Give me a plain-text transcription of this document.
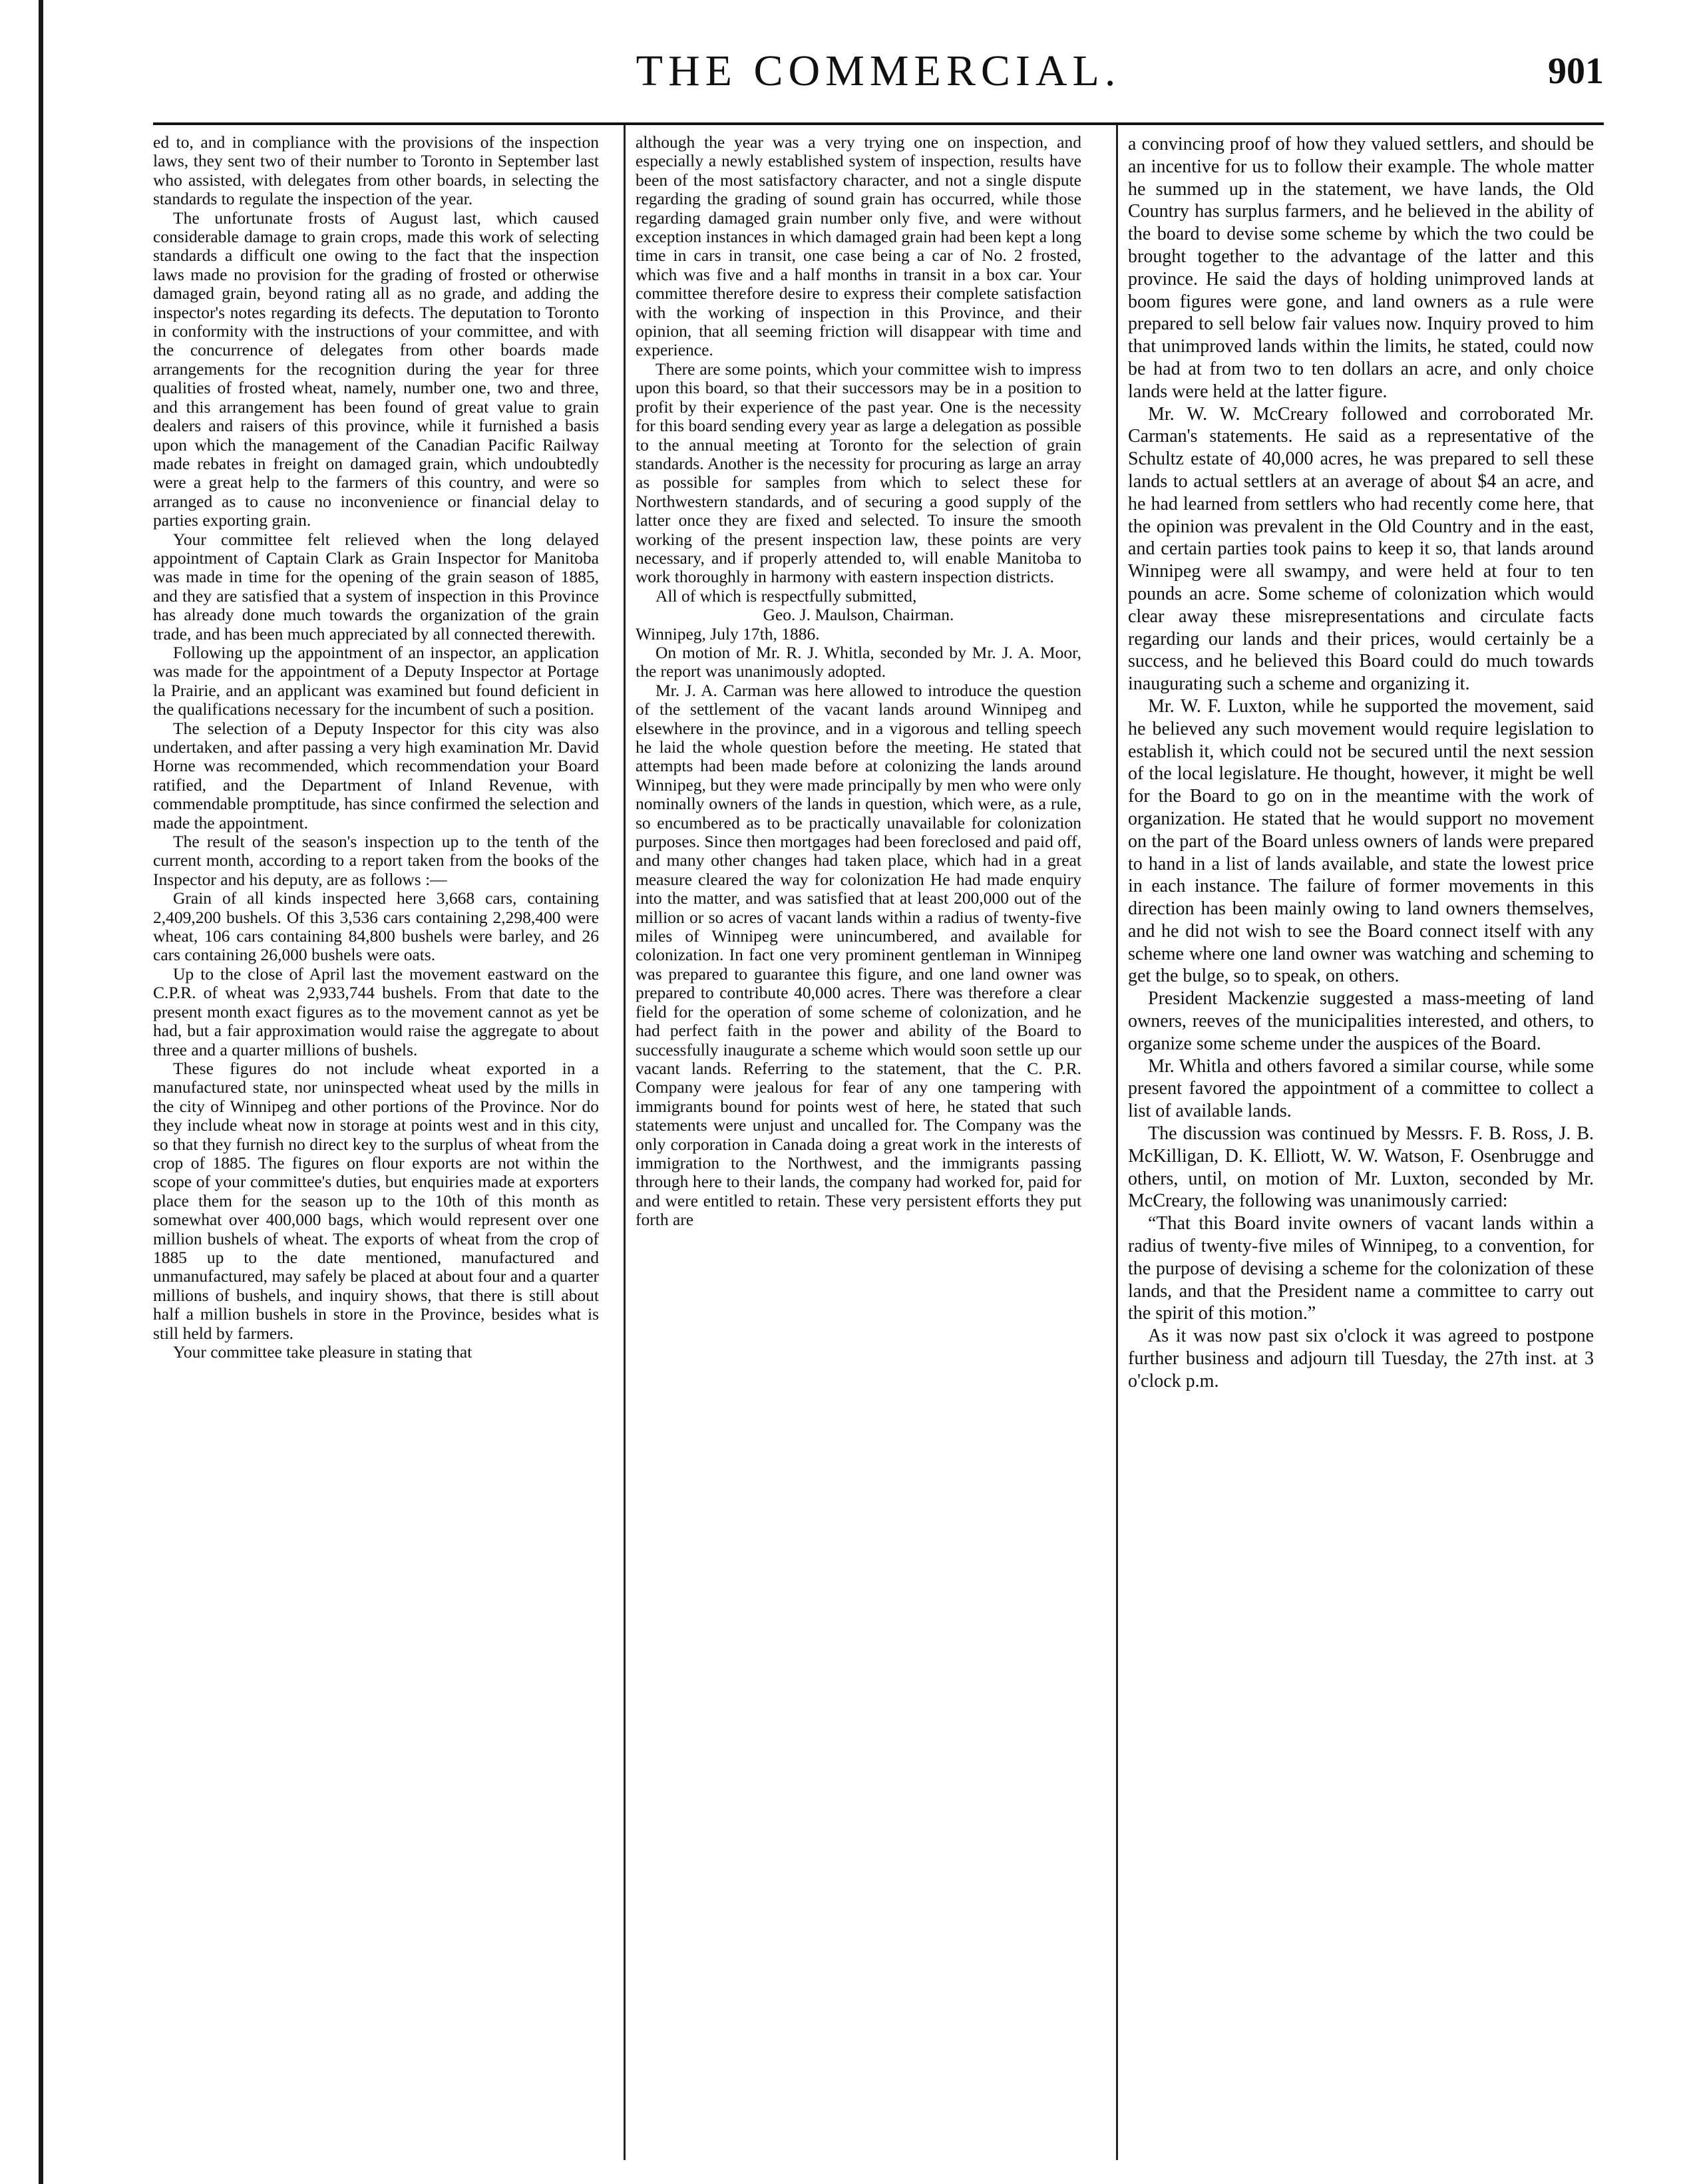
THE COMMERCIAL.	901

ed to, and in compliance with the provisions of the inspection laws, they sent two of their number to Toronto in September last who assisted, with delegates from other boards, in selecting the standards to regulate the inspection of the year.

The unfortunate frosts of August last, which caused considerable damage to grain crops, made this work of selecting standards a difficult one owing to the fact that the inspection laws made no provision for the grading of frosted or otherwise damaged grain, beyond rating all as no grade, and adding the inspector's notes regarding its defects. The deputation to Toronto in conformity with the instructions of your committee, and with the concurrence of delegates from other boards made arrangements for the recognition during the year for three qualities of frosted wheat, namely, number one, two and three, and this arrangement has been found of great value to grain dealers and raisers of this province, while it furnished a basis upon which the management of the Canadian Pacific Railway made rebates in freight on damaged grain, which undoubtedly were a great help to the farmers of this country, and were so arranged as to cause no inconvenience or financial delay to parties exporting grain.

Your committee felt relieved when the long delayed appointment of Captain Clark as Grain Inspector for Manitoba was made in time for the opening of the grain season of 1885, and they are satisfied that a system of inspection in this Province has already done much towards the organization of the grain trade, and has been much appreciated by all connected therewith.

Following up the appointment of an inspector, an application was made for the appointment of a Deputy Inspector at Portage la Prairie, and an applicant was examined but found deficient in the qualifications necessary for the incumbent of such a position.

The selection of a Deputy Inspector for this city was also undertaken, and after passing a very high examination Mr. David Horne was recommended, which recommendation your Board ratified, and the Department of Inland Revenue, with commendable promptitude, has since confirmed the selection and made the appointment.

The result of the season's inspection up to the tenth of the current month, according to a report taken from the books of the Inspector and his deputy, are as follows :—

Grain of all kinds inspected here 3,668 cars, containing 2,409,200 bushels. Of this 3,536 cars containing 2,298,400 were wheat, 106 cars containing 84,800 bushels were barley, and 26 cars containing 26,000 bushels were oats.

Up to the close of April last the movement eastward on the C.P.R. of wheat was 2,933,744 bushels. From that date to the present month exact figures as to the movement cannot as yet be had, but a fair approximation would raise the aggregate to about three and a quarter millions of bushels.

These figures do not include wheat exported in a manufactured state, nor uninspected wheat used by the mills in the city of Winnipeg and other portions of the Province. Nor do they include wheat now in storage at points west and in this city, so that they furnish no direct key to the surplus of wheat from the crop of 1885. The figures on flour exports are not within the scope of your committee's duties, but enquiries made at exporters place them for the season up to the 10th of this month as somewhat over 400,000 bags, which would represent over one million bushels of wheat. The exports of wheat from the crop of 1885 up to the date mentioned, manufactured and unmanufactured, may safely be placed at about four and a quarter millions of bushels, and inquiry shows, that there is still about half a million bushels in store in the Province, besides what is still held by farmers.

Your committee take pleasure in stating that

although the year was a very trying one on inspection, and especially a newly established system of inspection, results have been of the most satisfactory character, and not a single dispute regarding the grading of sound grain has occurred, while those regarding damaged grain number only five, and were without exception instances in which damaged grain had been kept a long time in cars in transit, one case being a car of No. 2 frosted, which was five and a half months in transit in a box car. Your committee therefore desire to express their complete satisfaction with the working of inspection in this Province, and their opinion, that all seeming friction will disappear with time and experience.

There are some points, which your committee wish to impress upon this board, so that their successors may be in a position to profit by their experience of the past year. One is the necessity for this board sending every year as large a delegation as possible to the annual meeting at Toronto for the selection of grain standards. Another is the necessity for procuring as large an array as possible for samples from which to select these for Northwestern standards, and of securing a good supply of the latter once they are fixed and selected. To insure the smooth working of the present inspection law, these points are very necessary, and if properly attended to, will enable Manitoba to work thoroughly in harmony with eastern inspection districts.

All of which is respectfully submitted,

Geo. J. Maulson, Chairman.

Winnipeg, July 17th, 1886.

On motion of Mr. R. J. Whitla, seconded by Mr. J. A. Moor, the report was unanimously adopted.

Mr. J. A. Carman was here allowed to introduce the question of the settlement of the vacant lands around Winnipeg and elsewhere in the province, and in a vigorous and telling speech he laid the whole question before the meeting. He stated that attempts had been made before at colonizing the lands around Winnipeg, but they were made principally by men who were only nominally owners of the lands in question, which were, as a rule, so encumbered as to be practically unavailable for colonization purposes. Since then mortgages had been foreclosed and paid off, and many other changes had taken place, which had in a great measure cleared the way for colonization He had made enquiry into the matter, and was satisfied that at least 200,000 out of the million or so acres of vacant lands within a radius of twenty-five miles of Winnipeg were unincumbered, and available for colonization. In fact one very prominent gentleman in Winnipeg was prepared to guarantee this figure, and one land owner was prepared to contribute 40,000 acres. There was therefore a clear field for the operation of some scheme of colonization, and he had perfect faith in the power and ability of the Board to successfully inaugurate a scheme which would soon settle up our vacant lands. Referring to the statement, that the C. P.R. Company were jealous for fear of any one tampering with immigrants bound for points west of here, he stated that such statements were unjust and uncalled for. The Company was the only corporation in Canada doing a great work in the interests of immigration to the Northwest, and the immigrants passing through here to their lands, the company had worked for, paid for and were entitled to retain. These very persistent efforts they put forth are

a convincing proof of how they valued settlers, and should be an incentive for us to follow their example. The whole matter he summed up in the statement, we have lands, the Old Country has surplus farmers, and he believed in the ability of the board to devise some scheme by which the two could be brought together to the advantage of the latter and this province. He said the days of holding unimproved lands at boom figures were gone, and land owners as a rule were prepared to sell below fair values now. Inquiry proved to him that unimproved lands within the limits, he stated, could now be had at from two to ten dollars an acre, and only choice lands were held at the latter figure.

Mr. W. W. McCreary followed and corroborated Mr. Carman's statements. He said as a representative of the Schultz estate of 40,000 acres, he was prepared to sell these lands to actual settlers at an average of about $4 an acre, and he had learned from settlers who had recently come here, that the opinion was prevalent in the Old Country and in the east, and certain parties took pains to keep it so, that lands around Winnipeg were all swampy, and were held at four to ten pounds an acre. Some scheme of colonization which would clear away these misrepresentations and circulate facts regarding our lands and their prices, would certainly be a success, and he believed this Board could do much towards inaugurating such a scheme and organizing it.

Mr. W. F. Luxton, while he supported the movement, said he believed any such movement would require legislation to establish it, which could not be secured until the next session of the local legislature. He thought, however, it might be well for the Board to go on in the meantime with the work of organization. He stated that he would support no movement on the part of the Board unless owners of lands were prepared to hand in a list of lands available, and state the lowest price in each instance. The failure of former movements in this direction has been mainly owing to land owners themselves, and he did not wish to see the Board connect itself with any scheme where one land owner was watching and scheming to get the bulge, so to speak, on others.

President Mackenzie suggested a mass-meeting of land owners, reeves of the municipalities interested, and others, to organize some scheme under the auspices of the Board.

Mr. Whitla and others favored a similar course, while some present favored the appointment of a committee to collect a list of available lands.

The discussion was continued by Messrs. F. B. Ross, J. B. McKilligan, D. K. Elliott, W. W. Watson, F. Osenbrugge and others, until, on motion of Mr. Luxton, seconded by Mr. McCreary, the following was unanimously carried:

“That this Board invite owners of vacant lands within a radius of twenty-five miles of Winnipeg, to a convention, for the purpose of devising a scheme for the colonization of these lands, and that the President name a committee to carry out the spirit of this motion.”

As it was now past six o'clock it was agreed to postpone further business and adjourn till Tuesday, the 27th inst. at 3 o'clock p.m.
